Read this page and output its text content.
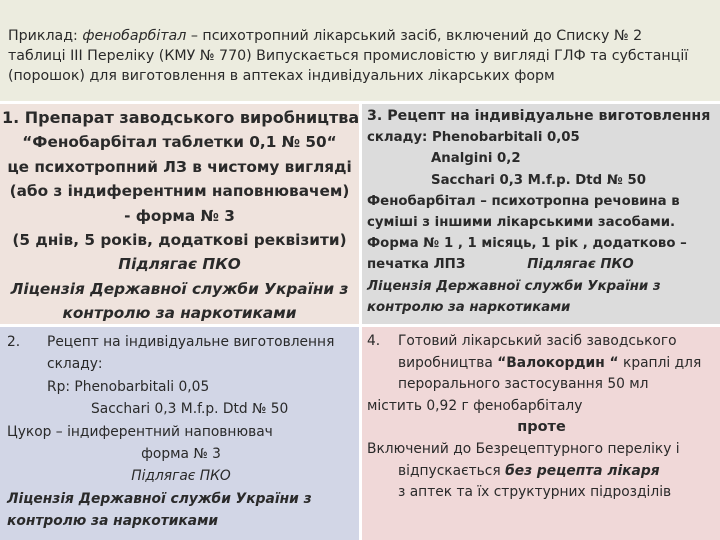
Приклад: фенобарбітал – психотропний лікарський засіб, включений до Списку № 2
таблиці ІІІ Переліку (КМУ № 770) Випускається промисловістю у вигляді ГЛФ та субстанції
(порошок) для виготовлення в аптеках індивідуальних лікарських форм
1. Препарат заводського виробництва
“Фенобарбітал таблетки 0,1 № 50“
це психотропний ЛЗ в чистому вигляді
(або з індиферентним наповнювачем)
- форма № 3
(5 днів, 5 років, додаткові реквізити)
Підлягає ПКО
Ліцензія Державної служби України з
контролю за наркотиками
3. Рецепт на індивідуальне виготовлення
складу: Phenobarbitali 0,05
Analgini 0,2
Sacchari 0,3 M.f.p. Dtd № 50
Фенобарбітал – психотропна речовина в
суміші з іншими лікарськими засобами.
Форма № 1 , 1 місяць, 1 рік , додатково –
печатка ЛПЗ	Підлягає ПКО
Ліцензія Державної служби України з
контролю за наркотиками
2. Рецепт на індивідуальне виготовлення
складу:
Rp: Phenobarbitali 0,05
Sacchari 0,3 M.f.p. Dtd № 50
Цукор – індиферентний наповнювач
форма № 3
Підлягає ПКО
Ліцензія Державної служби України з
контролю за наркотиками
4. Готовий лікарський засіб заводського
виробництва “Валокордин “ краплі для
перорального застосування 50 мл
містить 0,92 г фенобарбіталу
проте
Включений до Безрецептурного переліку і
відпускається без рецепта лікаря
з аптек та їх структурних підрозділів
